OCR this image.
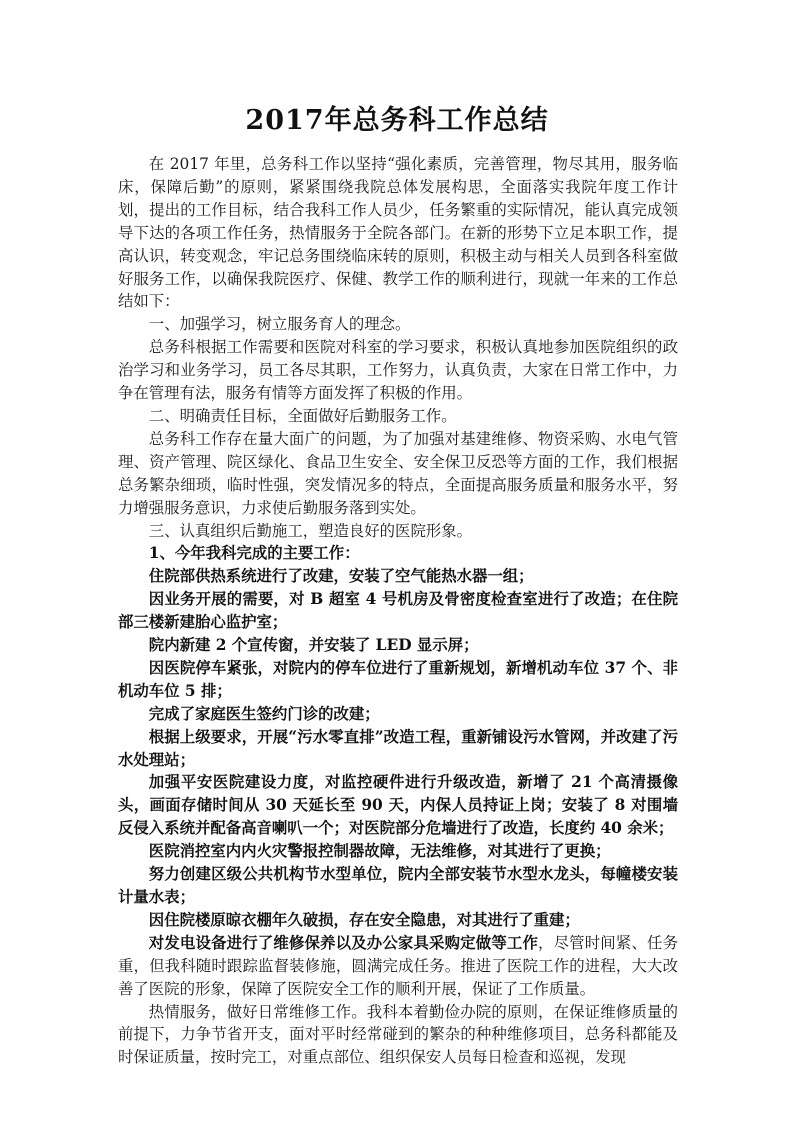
2017年总务科工作总结

在 2017 年里，总务科工作以坚持“强化素质，完善管理，物尽其用，服务临床，保障后勤”的原则，紧紧围绕我院总体发展构思，全面落实我院年度工作计划，提出的工作目标，结合我科工作人员少，任务繁重的实际情况，能认真完成领导下达的各项工作任务，热情服务于全院各部门。在新的形势下立足本职工作，提高认识，转变观念，牢记总务围绕临床转的原则，积极主动与相关人员到各科室做好服务工作，以确保我院医疗、保健、教学工作的顺利进行，现就一年来的工作总结如下：

一、加强学习，树立服务育人的理念。

总务科根据工作需要和医院对科室的学习要求，积极认真地参加医院组织的政治学习和业务学习，员工各尽其职，工作努力，认真负责，大家在日常工作中，力争在管理有法，服务有情等方面发挥了积极的作用。

二、明确责任目标，全面做好后勤服务工作。

总务科工作存在量大面广的问题，为了加强对基建维修、物资采购、水电气管理、资产管理、院区绿化、食品卫生安全、安全保卫反恐等方面的工作，我们根据总务繁杂细琐，临时性强，突发情况多的特点，全面提高服务质量和服务水平，努力增强服务意识，力求使后勤服务落到实处。

三、认真组织后勤施工，塑造良好的医院形象。

1、今年我科完成的主要工作：

住院部供热系统进行了改建，安装了空气能热水器一组；

因业务开展的需要，对 B 超室 4 号机房及骨密度检查室进行了改造；在住院部三楼新建胎心监护室；

院内新建 2 个宣传窗，并安装了 LED 显示屏；

因医院停车紧张，对院内的停车位进行了重新规划，新增机动车位 37 个、非机动车位 5 排；

完成了家庭医生签约门诊的改建；

根据上级要求，开展“污水零直排”改造工程，重新铺设污水管网，并改建了污水处理站；

加强平安医院建设力度，对监控硬件进行升级改造，新增了 21 个高清摄像头，画面存储时间从 30 天延长至 90 天，内保人员持证上岗；安装了 8 对围墙反侵入系统并配备高音喇叭一个；对医院部分危墙进行了改造，长度约 40 余米；

医院消控室内内火灾警报控制器故障，无法维修，对其进行了更换；

努力创建区级公共机构节水型单位，院内全部安装节水型水龙头，每幢楼安装计量水表；

因住院楼原晾衣棚年久破损，存在安全隐患，对其进行了重建；

对发电设备进行了维修保养以及办公家具采购定做等工作，尽管时间紧、任务重，但我科随时跟踪监督装修施，圆满完成任务。推进了医院工作的进程，大大改善了医院的形象，保障了医院安全工作的顺利开展，保证了工作质量。

热情服务，做好日常维修工作。我科本着勤俭办院的原则，在保证维修质量的前提下，力争节省开支，面对平时经常碰到的繁杂的种种维修项目，总务科都能及时保证质量，按时完工，对重点部位、组织保安人员每日检查和巡视，发现
